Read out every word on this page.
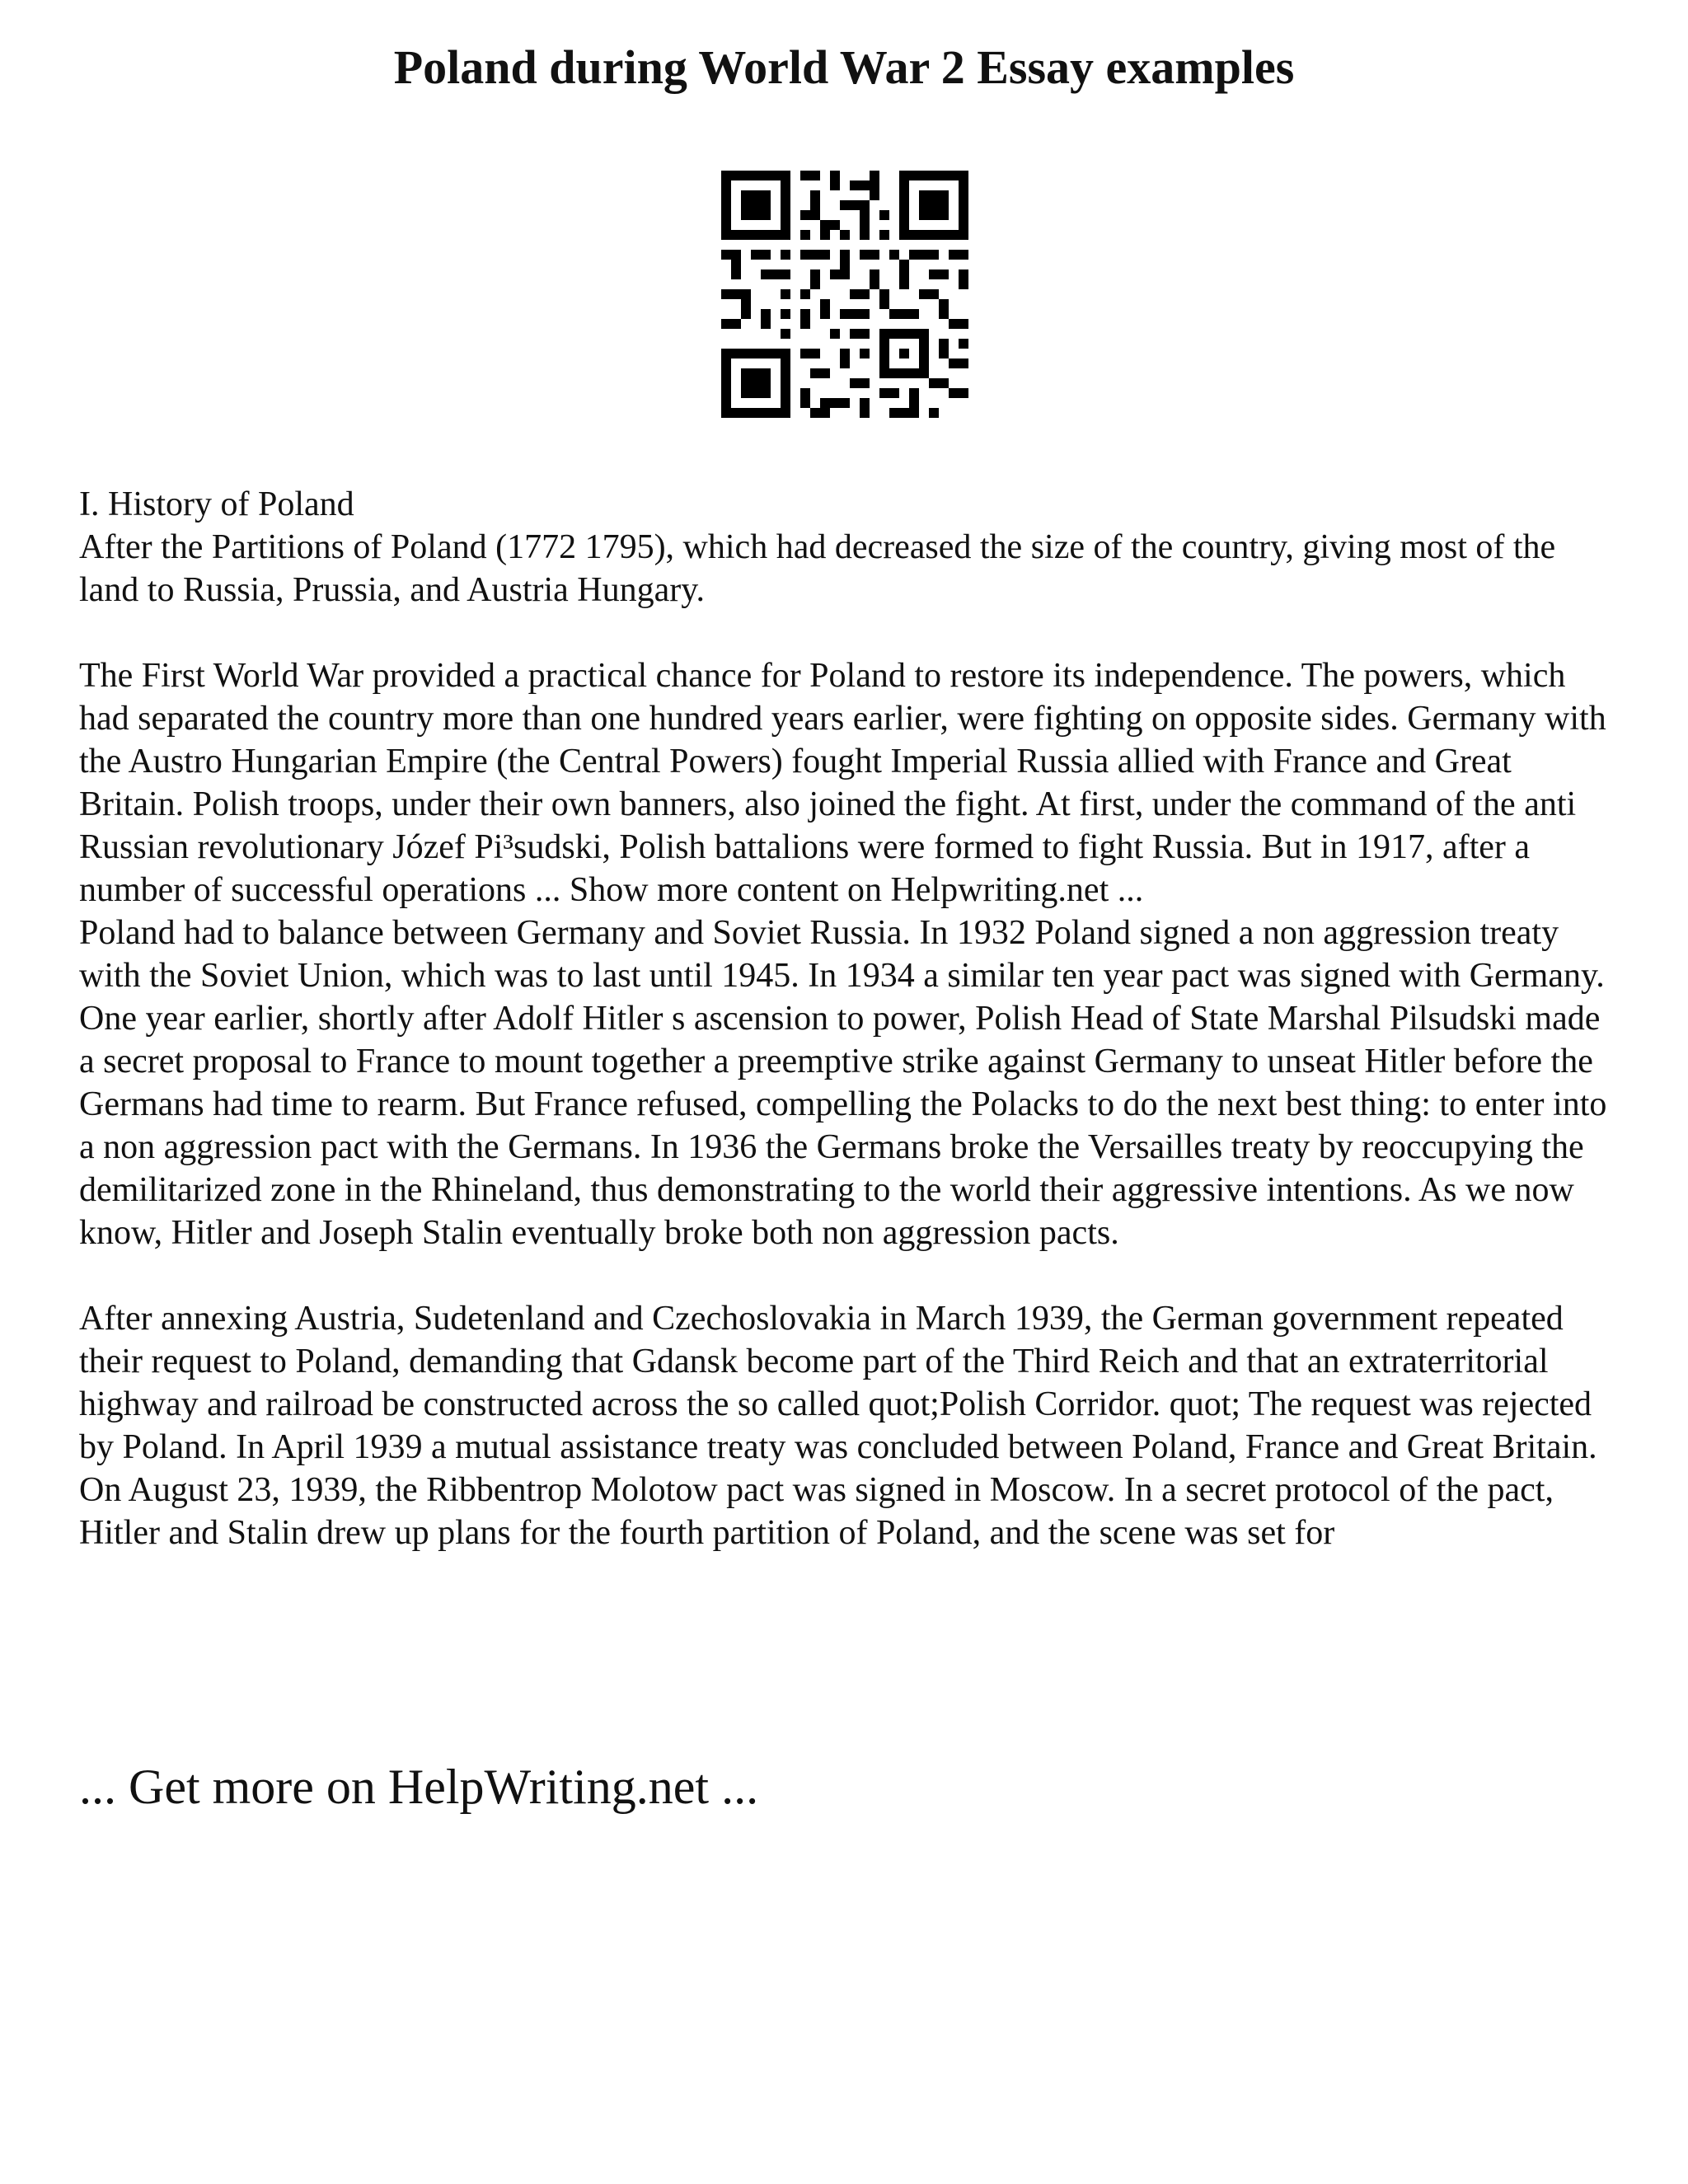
Poland during World War 2 Essay examples

I. History of Poland

After the Partitions of Poland (1772 1795), which had decreased the size of the country, giving most of the land to Russia, Prussia, and Austria Hungary.

The First World War provided a practical chance for Poland to restore its independence. The powers, which had separated the country more than one hundred years earlier, were fighting on opposite sides. Germany with the Austro Hungarian Empire (the Central Powers) fought Imperial Russia allied with France and Great Britain. Polish troops, under their own banners, also joined the fight. At first, under the command of the anti Russian revolutionary Józef Pi³sudski, Polish battalions were formed to fight Russia. But in 1917, after a number of successful operations ... Show more content on Helpwriting.net ...

Poland had to balance between Germany and Soviet Russia. In 1932 Poland signed a non aggression treaty with the Soviet Union, which was to last until 1945. In 1934 a similar ten year pact was signed with Germany. One year earlier, shortly after Adolf Hitler s ascension to power, Polish Head of State Marshal Pilsudski made a secret proposal to France to mount together a preemptive strike against Germany to unseat Hitler before the Germans had time to rearm. But France refused, compelling the Polacks to do the next best thing: to enter into a non aggression pact with the Germans. In 1936 the Germans broke the Versailles treaty by reoccupying the demilitarized zone in the Rhineland, thus demonstrating to the world their aggressive intentions. As we now know, Hitler and Joseph Stalin eventually broke both non aggression pacts.

After annexing Austria, Sudetenland and Czechoslovakia in March 1939, the German government repeated their request to Poland, demanding that Gdansk become part of the Third Reich and that an extraterritorial highway and railroad be constructed across the so called quot;Polish Corridor. quot; The request was rejected by Poland. In April 1939 a mutual assistance treaty was concluded between Poland, France and Great Britain. On August 23, 1939, the Ribbentrop Molotow pact was signed in Moscow. In a secret protocol of the pact, Hitler and Stalin drew up plans for the fourth partition of Poland, and the scene was set for

... Get more on HelpWriting.net ...
